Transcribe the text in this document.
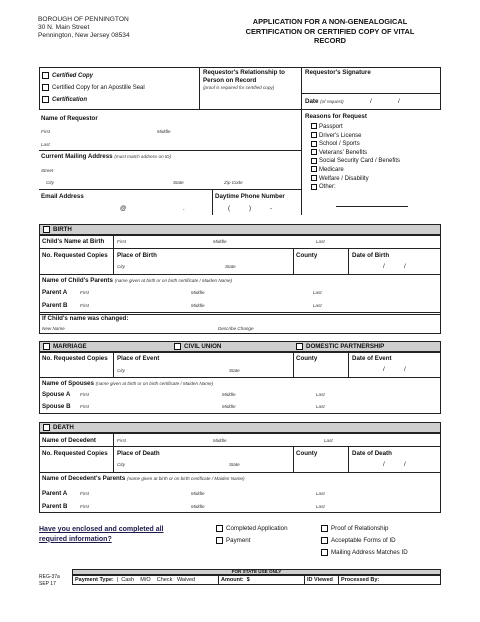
BOROUGH OF PENNINGTON
30 N. Main Street
Pennington, New Jersey 08534
APPLICATION FOR A NON-GENEALOGICAL
CERTIFICATION OR CERTIFIED COPY OF VITAL RECORD
Certified Copy
Certified Copy for an Apostille Seal
Certification
Requestor's Relationship to Person on Record
(proof is required for certified copy)
Requestor's Signature
Date (of request)	/	/
Name of Requestor
First	Middle
Last
Current Mailing Address (must match address on ID)
Street
City	State	Zip Code
Email Address
@	.
Daytime Phone Number
(	)	-
Reasons for Request
Passport
Driver's License
School / Sports
Veterans' Benefits
Social Security Card / Benefits
Medicare
Welfare / Disability
Other:
BIRTH
Child's Name at Birth	First	Middle	Last
No. Requested Copies Place of Birth
City	State
County	Date of Birth
/	/
Name of Child's Parents (name given at birth or on birth certificate / Maiden Name)
Parent A	First	Middle	Last
Parent B	First	Middle	Last
If Child's name was changed:
New Name	Describe Change
MARRIAGE	CIVIL UNION	DOMESTIC PARTNERSHIP
No. Requested Copies Place of Event
City	State
County	Date of Event
/	/
Name of Spouses (name given at birth or on birth certificate / Maiden Name)
Spouse A First	Middle	Last
Spouse B First	Middle	Last
DEATH
Name of Decedent	First	Middle	Last
No. Requested Copies Place of Death
City	State
County	Date of Death
/	/
Name of Decedent's Parents (name given at birth or on birth certificate / Maiden Name)
Parent A	First	Middle	Last
Parent B	First	Middle	Last
Have you enclosed and completed all required information?
Completed Application
Payment
Proof of Relationship
Acceptable Forms of ID
Mailing Address Matches ID
REG-37a
SEP 17
FOR STATE USE ONLY
Payment Type:  |  Cash M/O Check Waived	Amount: $	ID Viewed Processed By:
